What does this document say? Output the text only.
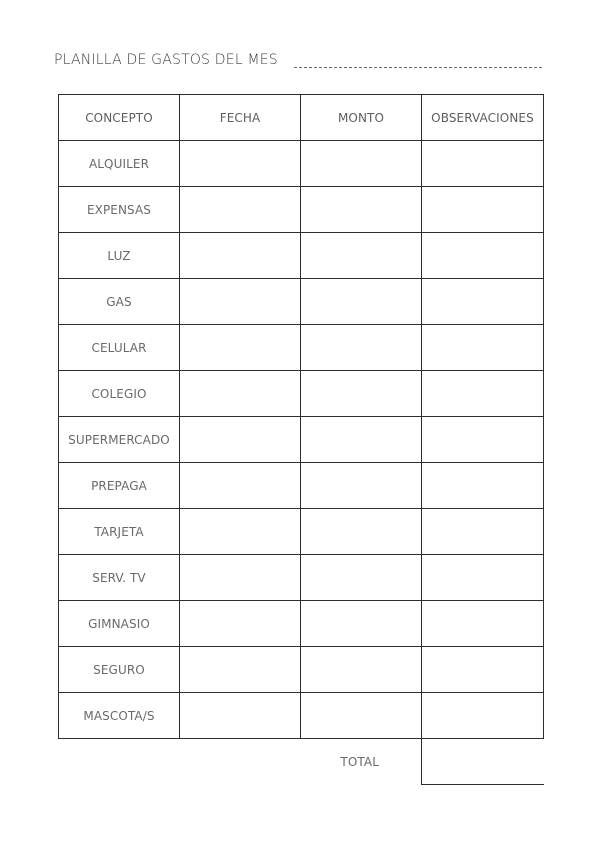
PLANILLA DE GASTOS DEL MES
CONCEPTO	FECHA	MONTO	OBSERVACIONES
ALQUILER			
EXPENSAS			
LUZ			
GAS			
CELULAR			
COLEGIO			
SUPERMERCADO			
PREPAGA			
TARJETA			
SERV. TV			
GIMNASIO			
SEGURO			
MASCOTA/S			
TOTAL			
